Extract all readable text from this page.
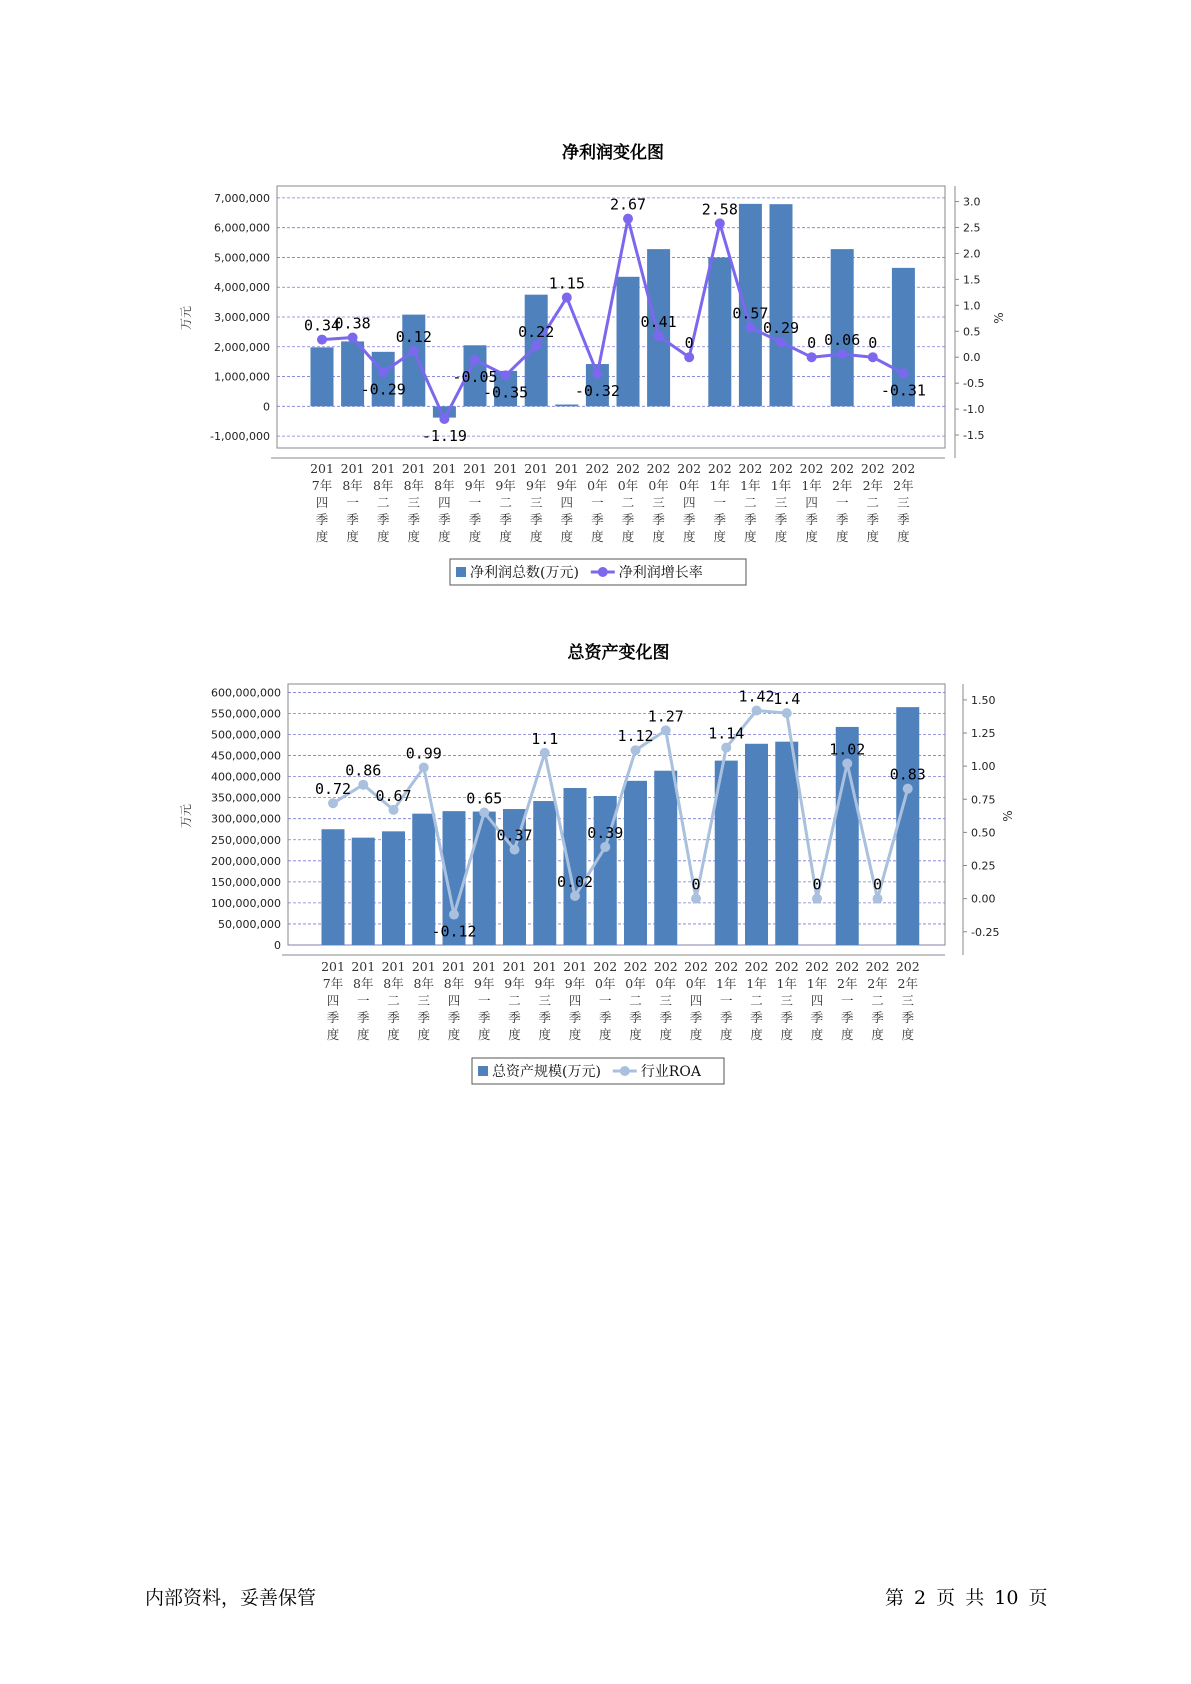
净利润变化图
-1,000,000
0
1,000,000
2,000,000
3,000,000
4,000,000
5,000,000
6,000,000
7,000,000
-1.5
-1.0
-0.5
0.0
0.5
1.0
1.5
2.0
2.5
3.0
万元	%
0.34
0.38
-0.29
0.12
-1.19
-0.05
-0.35
0.22
1.15
-0.32
2.67
0.41
0
2.58
0.57
0.29
0 0.06 0
-0.31
201
7年
四
季
度
201
8年
一
季
度
201
8年
二
季
度
201
8年
三
季
度
201
8年
四
季
度
201
9年
一
季
度
201
9年
二
季
度
201
9年
三
季
度
201
9年
四
季
度
202
0年
一
季
度
202
0年
二
季
度
202
0年
三
季
度
202
0年
四
季
度
202
1年
一
季
度
202
1年
二
季
度
202
1年
三
季
度
202
1年
四
季
度
202
2年
一
季
度
202
2年
二
季
度
202
2年
三
季
度
净利润总数(万元)	净利润增长率
总资产变化图
0
50,000,000
100,000,000
150,000,000
200,000,000
250,000,000
300,000,000
350,000,000
400,000,000
450,000,000
500,000,000
550,000,000
600,000,000
-0.25
0.00
0.25
0.50
0.75
1.00
1.25
1.50
万元	%
0.72
0.86
0.67
0.99
-0.12
0.65
0.37
1.1
0.02
0.39
1.12
1.27
0
1.14
1.42
1.4
0
1.02
0
0.83
201
7年
四
季
度
201
8年
一
季
度
201
8年
二
季
度
201
8年
三
季
度
201
8年
四
季
度
201
9年
一
季
度
201
9年
二
季
度
201
9年
三
季
度
201
9年
四
季
度
202
0年
一
季
度
202
0年
二
季
度
202
0年
三
季
度
202
0年
四
季
度
202
1年
一
季
度
202
1年
二
季
度
202
1年
三
季
度
202
1年
四
季
度
202
2年
一
季
度
202
2年
二
季
度
202
2年
三
季
度
总资产规模(万元)	行业ROA
内部资料，妥善保管	第 2 页 共 10 页
